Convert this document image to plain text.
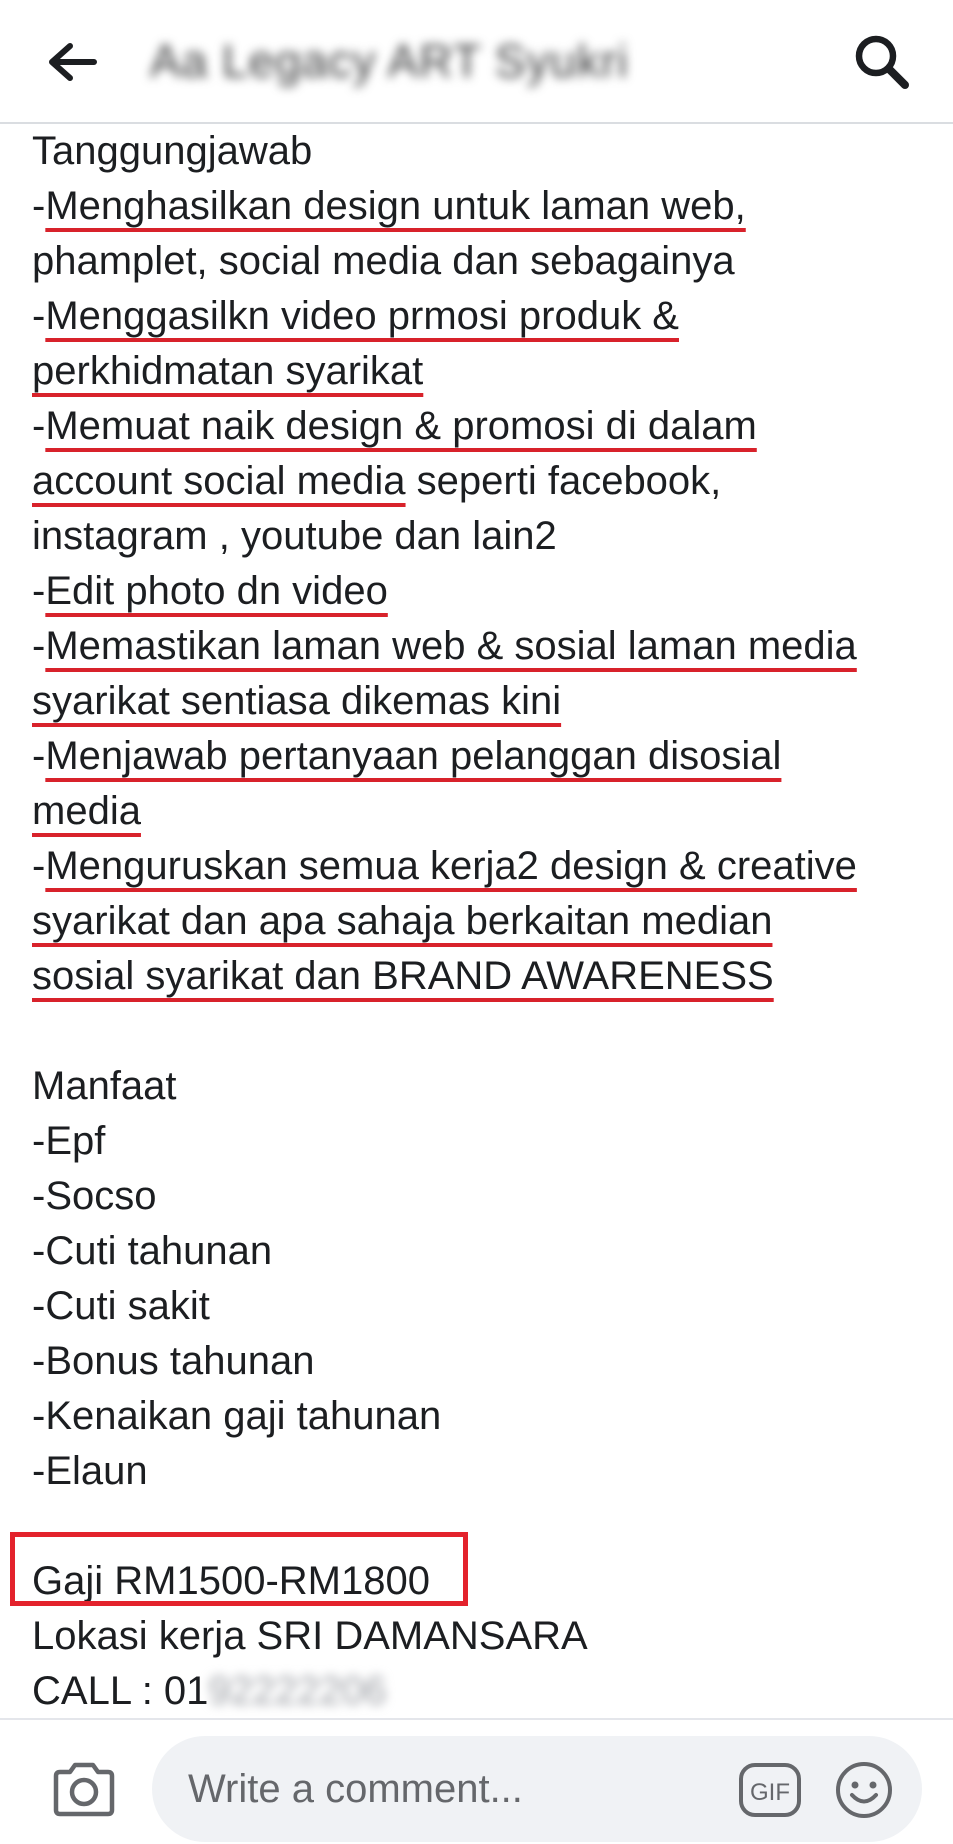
Aa Legacy ART Syukri
Tanggungjawab
-Menghasilkan design untuk laman web,
phamplet, social media dan sebagainya
-Menggasilkn video prmosi produk &
perkhidmatan syarikat
-Memuat naik design & promosi di dalam
account social media seperti facebook,
instagram , youtube dan lain2
-Edit photo dn video
-Memastikan laman web & sosial laman media
syarikat sentiasa dikemas kini
-Menjawab pertanyaan pelanggan disosial
media
-Menguruskan semua kerja2 design & creative
syarikat dan apa sahaja berkaitan median
sosial syarikat dan BRAND AWARENESS
Manfaat
-Epf
-Socso
-Cuti tahunan
-Cuti sakit
-Bonus tahunan
-Kenaikan gaji tahunan
-Elaun
Gaji RM1500-RM1800
Lokasi kerja SRI DAMANSARA
CALL : 0192222206
Write a comment...
GIF
